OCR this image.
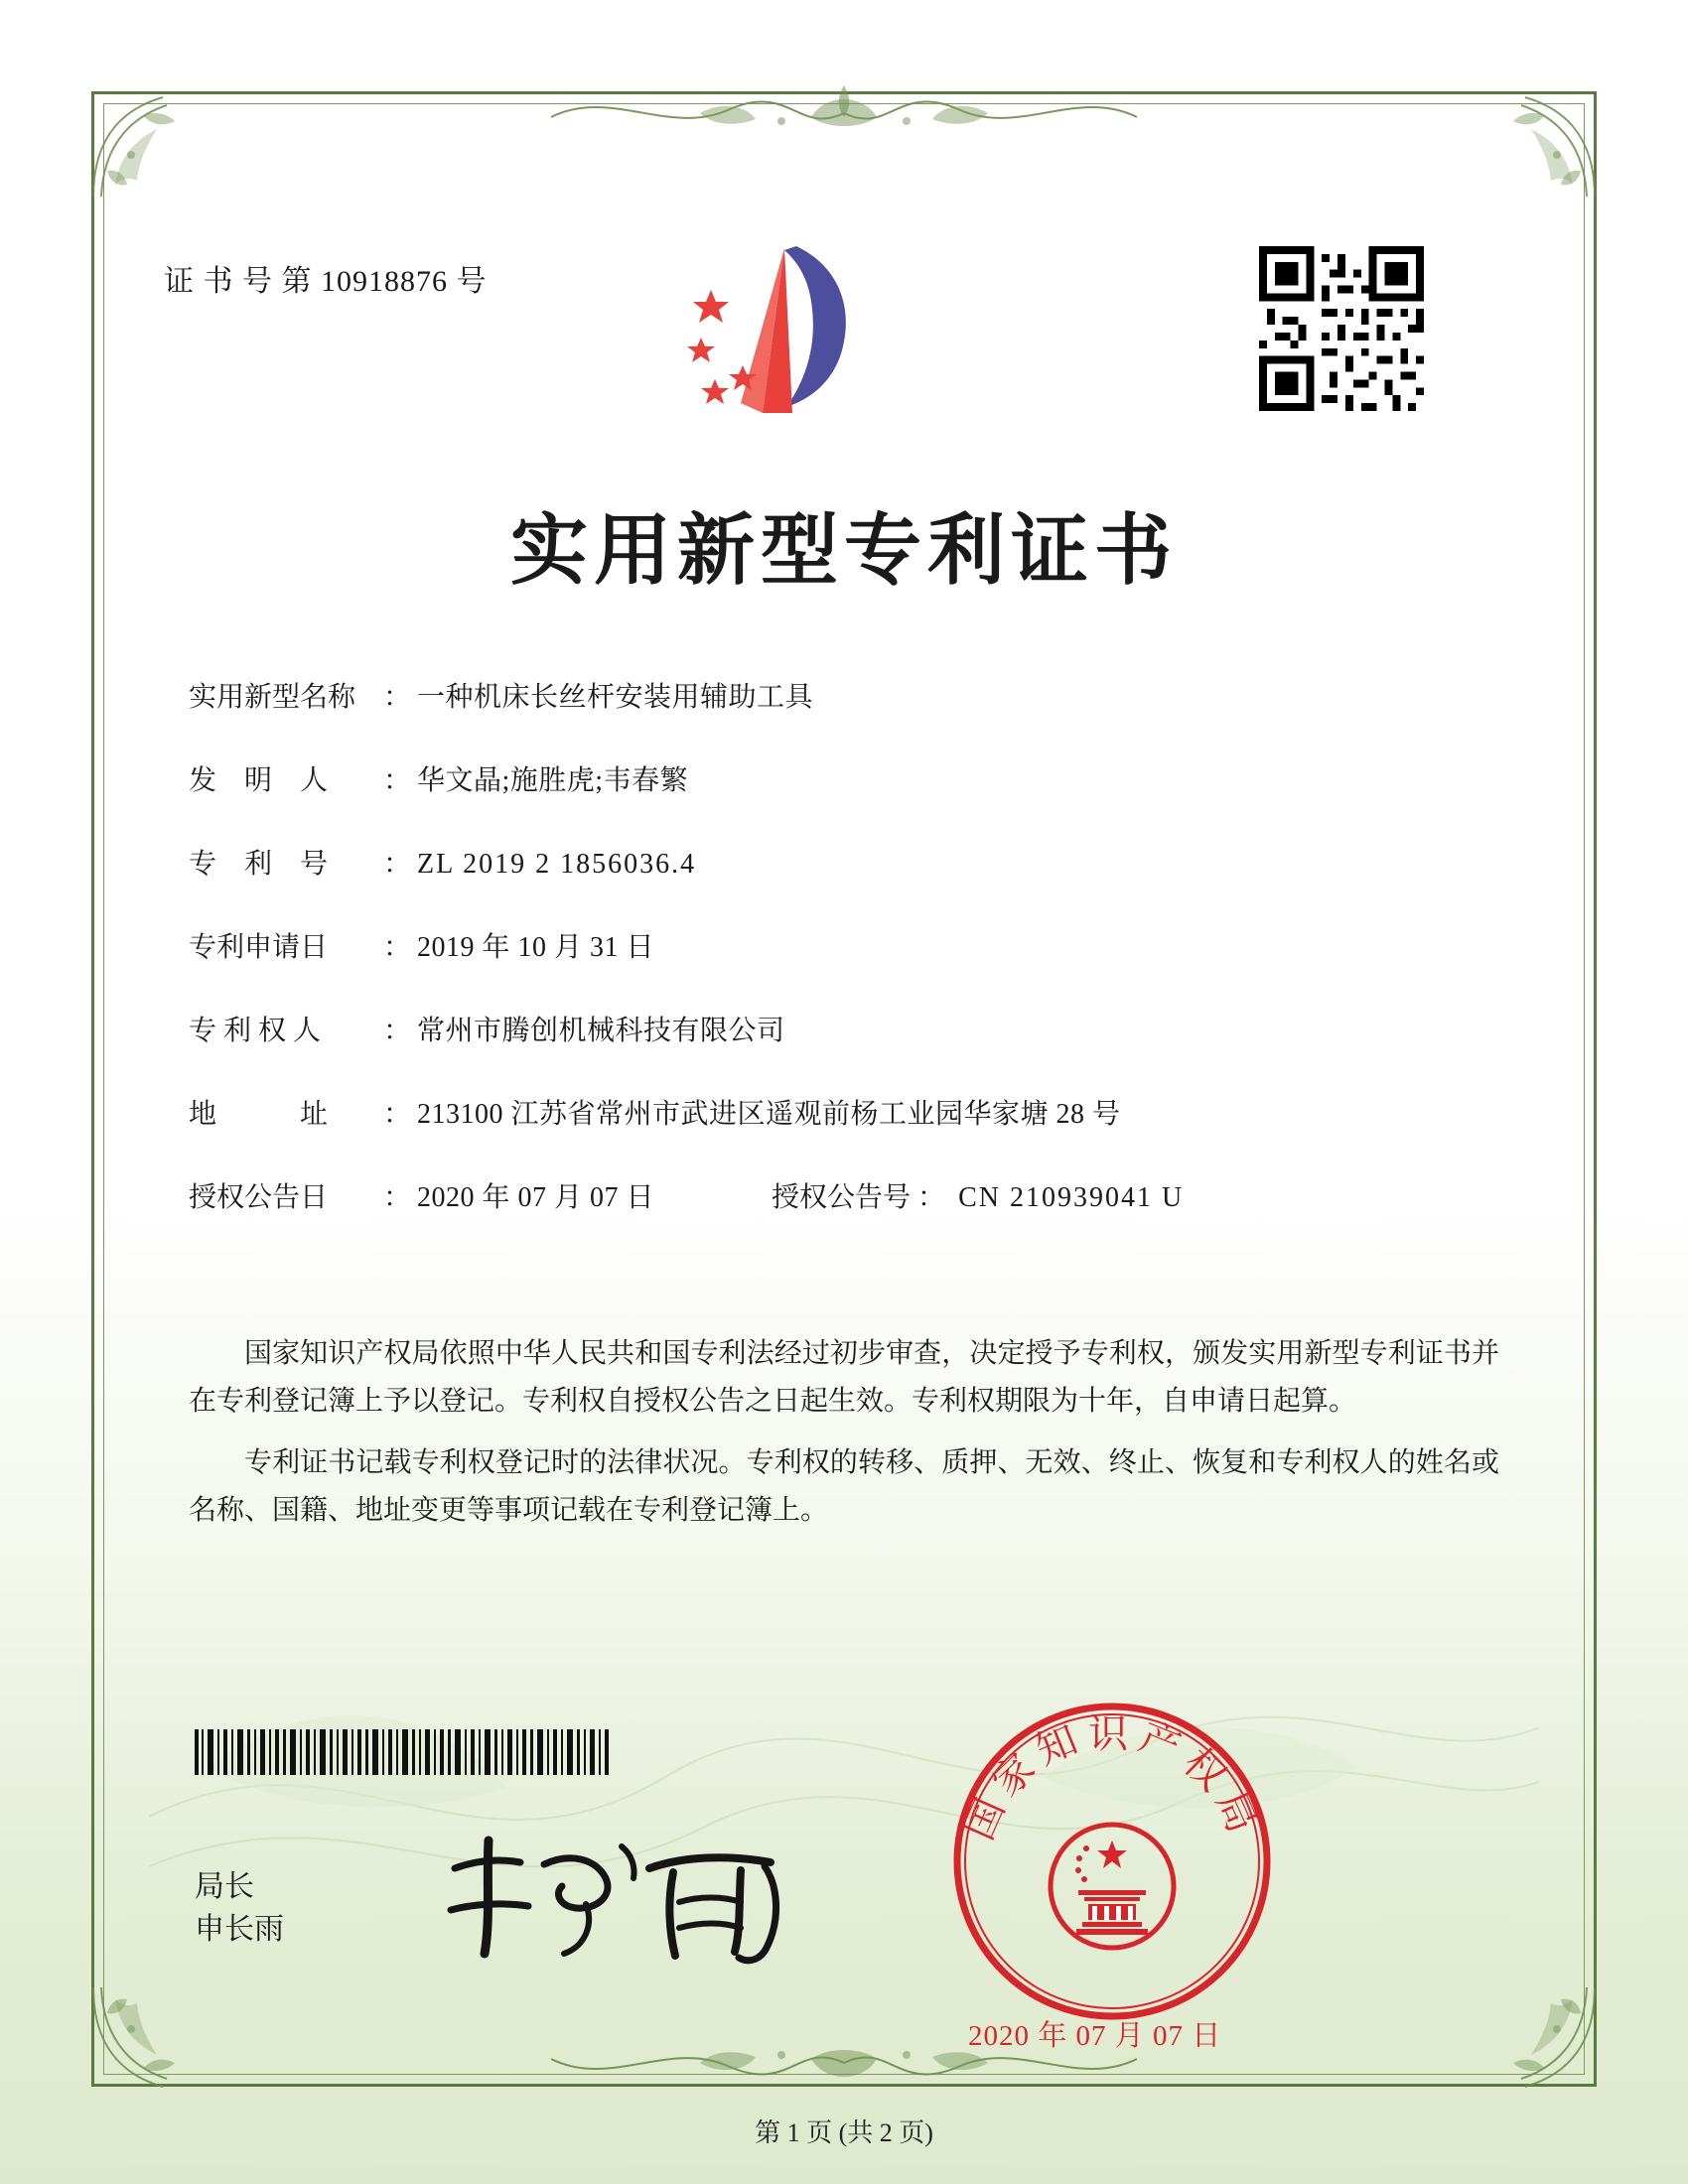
证 书 号 第 10918876 号
实用新型专利证书
实用新型名称 ： 一种机床长丝杆安装用辅助工具
发　明　人	： 华文晶;施胜虎;韦春繁
专　利　号	： ZL 2019 2 1856036.4
专利申请日	： 2019 年 10 月 31 日
专 利 权 人	： 常州市腾创机械科技有限公司
地　　　址	： 213100 江苏省常州市武进区遥观前杨工业园华家塘 28 号
授权公告日	： 2020 年 07 月 07 日	授权公告号 ： CN 210939041 U

国家知识产权局依照中华人民共和国专利法经过初步审查，决定授予专利权，颁发实用新型专利证书并在专利登记簿上予以登记。专利权自授权公告之日起生效。专利权期限为十年，自申请日起算。

专利证书记载专利权登记时的法律状况。专利权的转移、质押、无效、终止、恢复和专利权人的姓名或名称、国籍、地址变更等事项记载在专利登记簿上。

局长
申长雨
国家知识产权局
2020 年 07 月 07 日
第 1 页 (共 2 页)
